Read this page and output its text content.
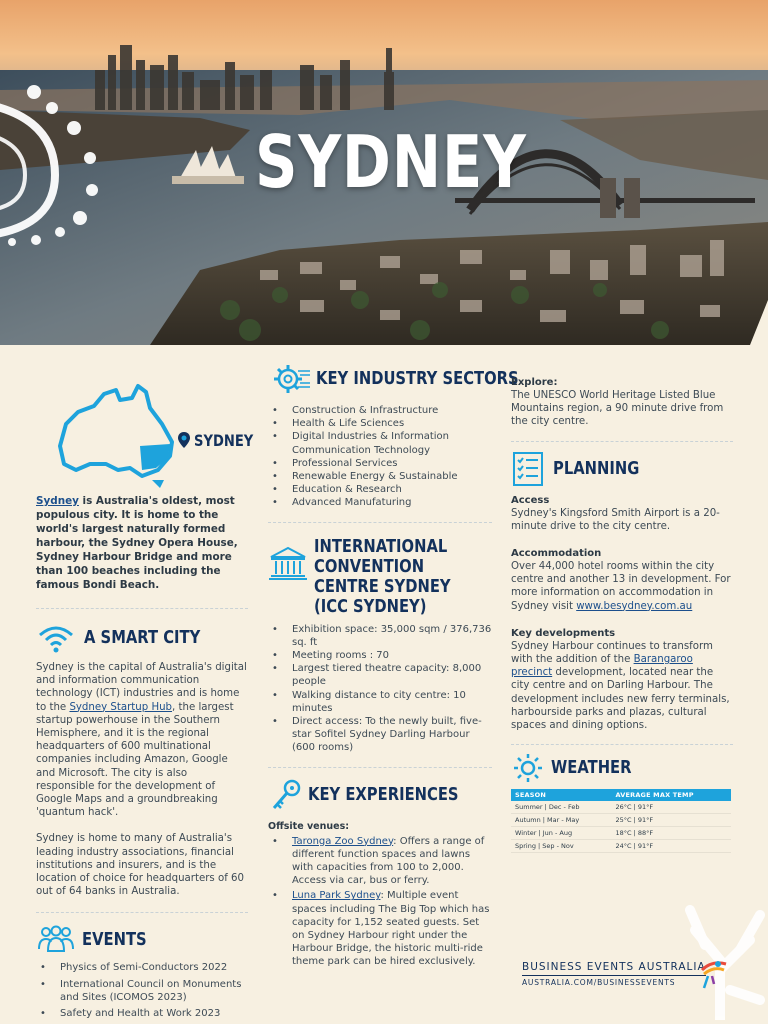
SYDNEY
SYDNEY

Sydney is Australia's oldest, most populous city. It is home to the world's largest naturally formed harbour, the Sydney Opera House, Sydney Harbour Bridge and more than 100 beaches including the famous Bondi Beach.

A SMART CITY

Sydney is the capital of Australia's digital and information communication technology (ICT) industries and is home to the Sydney Startup Hub, the largest startup powerhouse in the Southern Hemisphere, and it is the regional headquarters of 600 multinational companies including Amazon, Google and Microsoft. The city is also responsible for the development of Google Maps and a groundbreaking 'quantum hack'.

Sydney is home to many of Australia's leading industry associations, financial institutions and insurers, and is the location of choice for headquarters of 60 out of 64 banks in Australia.

EVENTS
• Physics of Semi-Conductors 2022
• International Council on Monuments and Sites (ICOMOS 2023)
• Safety and Health at Work 2023
KEY INDUSTRY SECTORS
• Construction & Infrastructure
• Health & Life Sciences
• Digital Industries & Information Communication Technology
• Professional Services
• Renewable Energy & Sustainable
• Education & Research
• Advanced Manufaturing
INTERNATIONAL CONVENTION CENTRE SYDNEY (ICC SYDNEY)
• Exhibition space: 35,000 sqm / 376,736 sq. ft
• Meeting rooms : 70
• Largest tiered theatre capacity: 8,000 people
• Walking distance to city centre: 10 minutes
• Direct access: To the newly built, five-star Sofitel Sydney Darling Harbour (600 rooms)
KEY EXPERIENCES
Offsite venues:
• Taronga Zoo Sydney: Offers a range of different function spaces and lawns with capacities from 100 to 2,000. Access via car, bus or ferry.
• Luna Park Sydney: Multiple event spaces including The Big Top which has capacity for 1,152 seated guests. Set on Sydney Harbour right under the Harbour Bridge, the historic multi-ride theme park can be hired exclusively.
Explore:

The UNESCO World Heritage Listed Blue Mountains region, a 90 minute drive from the city centre.

PLANNING
Access

Sydney's Kingsford Smith Airport is a 20-minute drive to the city centre.

Accommodation

Over 44,000 hotel rooms within the city centre and another 13 in development. For more information on accommodation in Sydney visit www.besydney.com.au

Key developments

Sydney Harbour continues to transform with the addition of the Barangaroo precinct development, located near the city centre and on Darling Harbour. The development includes new ferry terminals, harbourside parks and plazas, cultural spaces and dining options.

WEATHER
SEASON	AVERAGE MAX TEMP
Summer | Dec - Feb	26°C | 91°F
Autumn | Mar - May	25°C | 91°F
Winter | Jun - Aug	18°C | 88°F
Spring | Sep - Nov	24°C | 91°F
BUSINESS EVENTS AUSTRALIA
AUSTRALIA.COM/BUSINESSEVENTS
